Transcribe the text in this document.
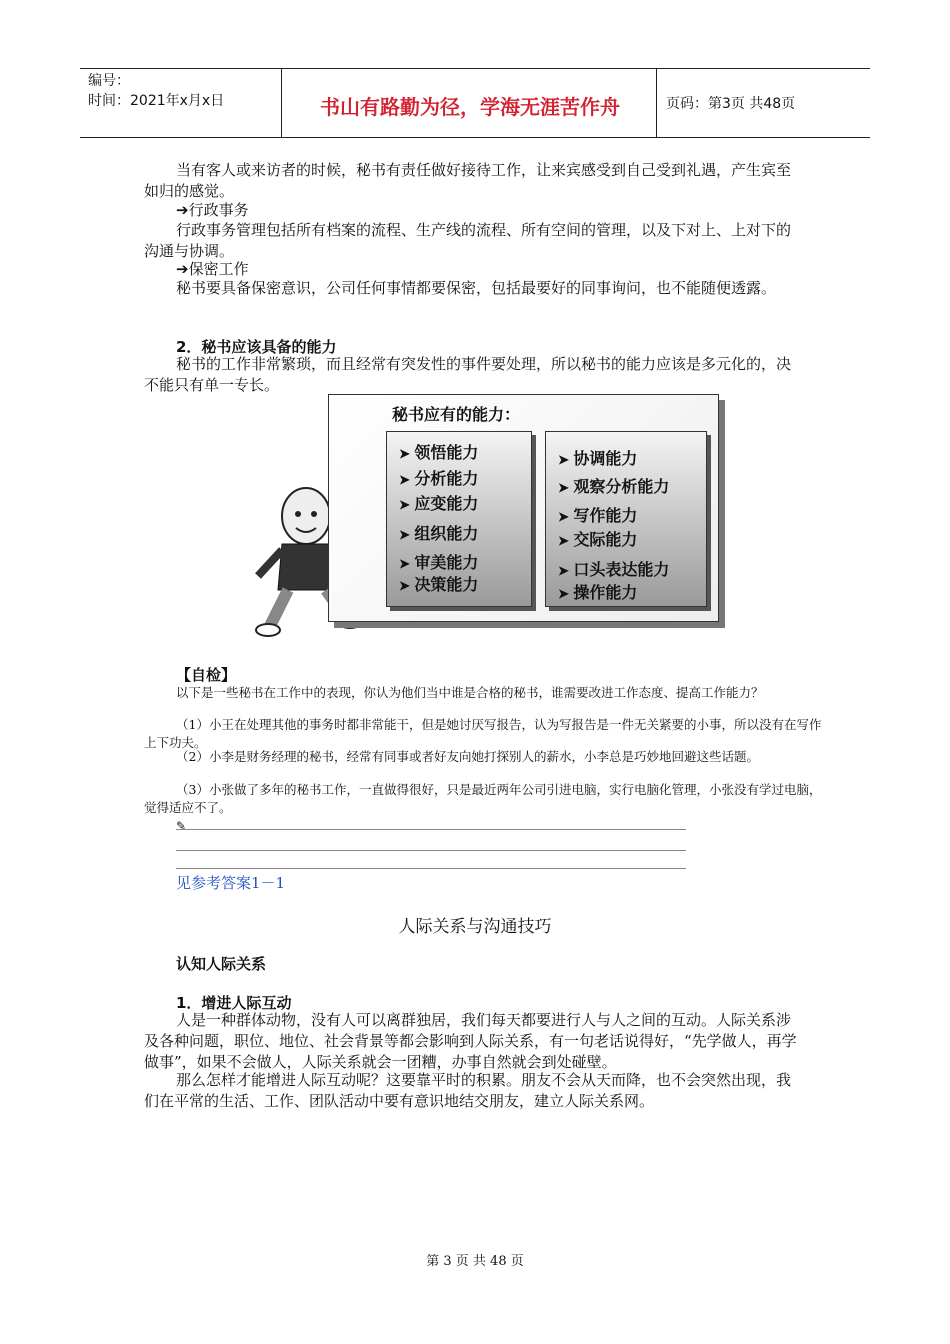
编号：
时间：2021年x月x日	书山有路勤为径，学海无涯苦作舟	页码：第3页 共48页
当有客人或来访者的时候，秘书有责任做好接待工作，让来宾感受到自己受到礼遇，产生宾至如归的感觉。
➔行政事务
行政事务管理包括所有档案的流程、生产线的流程、所有空间的管理，以及下对上、上对下的沟通与协调。
➔保密工作
秘书要具备保密意识，公司任何事情都要保密，包括最要好的同事询问，也不能随便透露。
2．秘书应该具备的能力
秘书的工作非常繁琐，而且经常有突发性的事件要处理，所以秘书的能力应该是多元化的，决不能只有单一专长。
秘书应有的能力：
➤ 领悟能力
➤ 分析能力
➤ 应变能力
➤ 组织能力
➤ 审美能力
➤ 决策能力
➤ 协调能力
➤ 观察分析能力
➤ 写作能力
➤ 交际能力
➤ 口头表达能力
➤ 操作能力
【自检】
以下是一些秘书在工作中的表现，你认为他们当中谁是合格的秘书，谁需要改进工作态度、提高工作能力？
（1）小王在处理其他的事务时都非常能干，但是她讨厌写报告，认为写报告是一件无关紧要的小事，所以没有在写作上下功夫。
（2）小李是财务经理的秘书，经常有同事或者好友向她打探别人的薪水，小李总是巧妙地回避这些话题。
（3）小张做了多年的秘书工作，一直做得很好，只是最近两年公司引进电脑，实行电脑化管理，小张没有学过电脑，觉得适应不了。
✎
见参考答案1－1
人际关系与沟通技巧
认知人际关系
1．增进人际互动
人是一种群体动物，没有人可以离群独居，我们每天都要进行人与人之间的互动。人际关系涉及各种问题，职位、地位、社会背景等都会影响到人际关系，有一句老话说得好，“先学做人，再学做事”，如果不会做人，人际关系就会一团糟，办事自然就会到处碰壁。
那么怎样才能增进人际互动呢？这要靠平时的积累。朋友不会从天而降，也不会突然出现，我们在平常的生活、工作、团队活动中要有意识地结交朋友，建立人际关系网。
第 3 页 共 48 页
